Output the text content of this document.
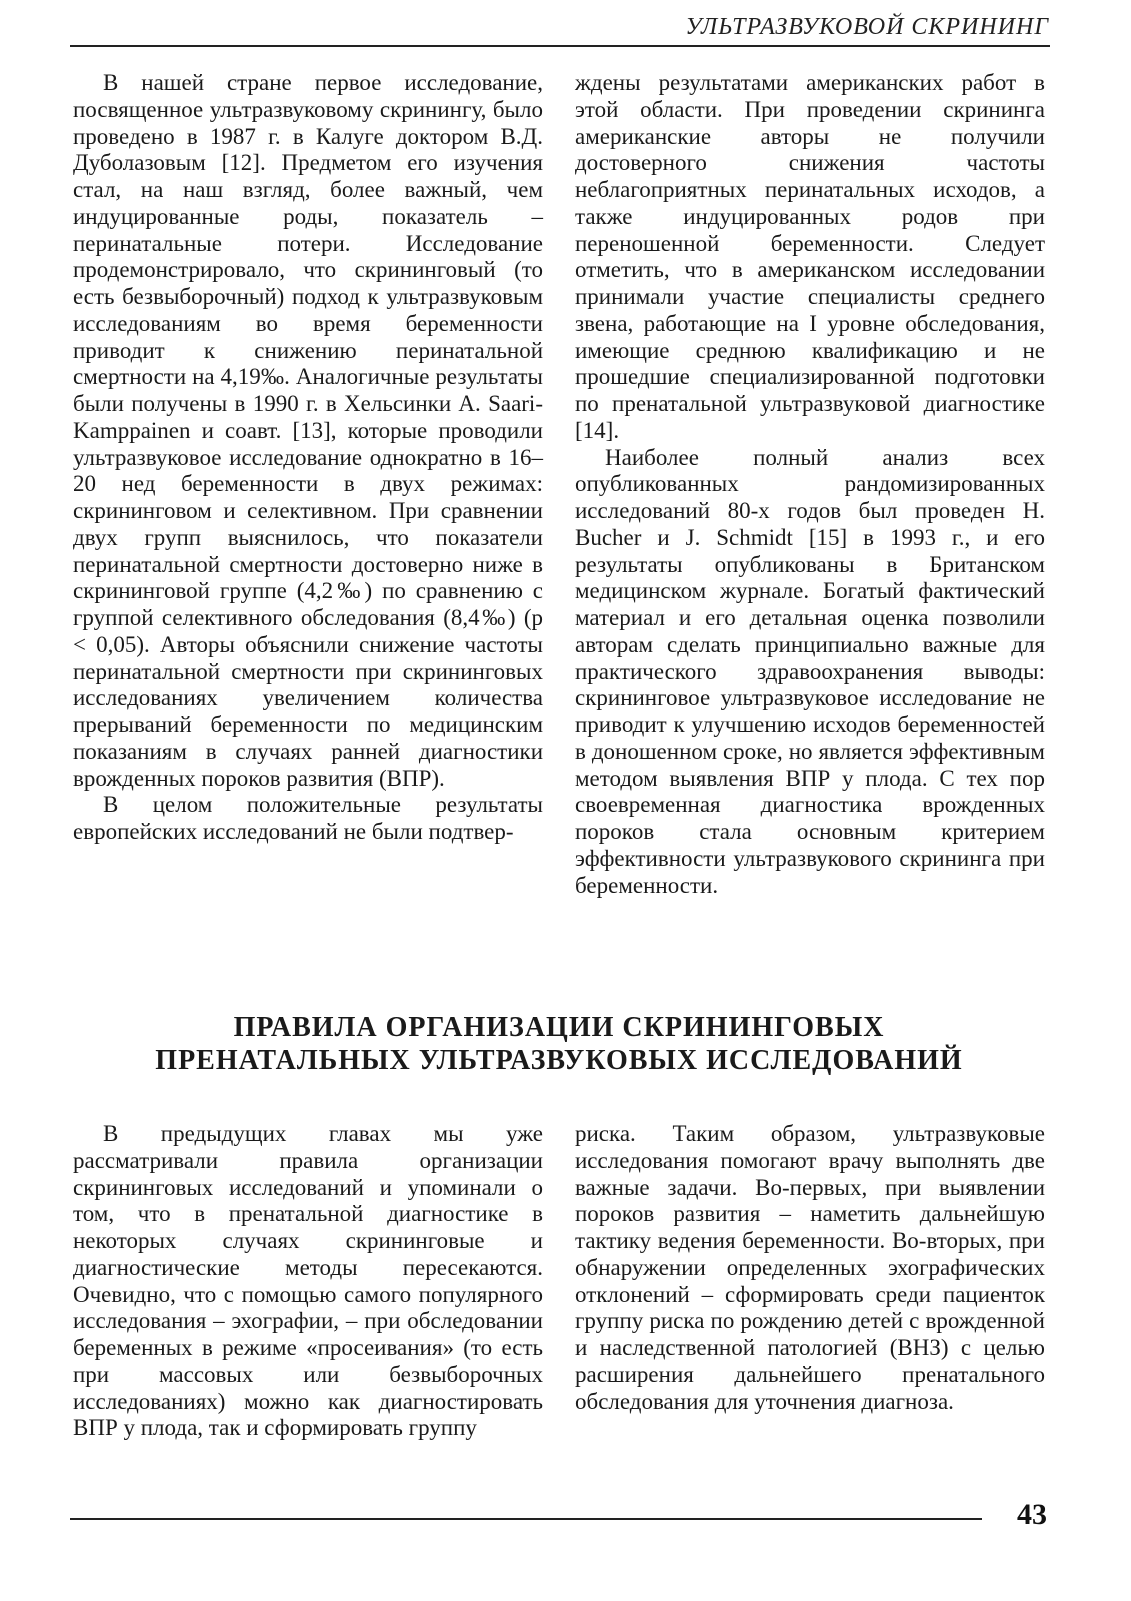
УЛЬТРАЗВУКОВОЙ СКРИНИНГ

В нашей стране первое исследование, посвященное ультразвуковому скринингу, было проведено в 1987 г. в Калуге доктором В.Д. Дуболазовым [12]. Предметом его изучения стал, на наш взгляд, более важный, чем индуцированные роды, показатель – перинатальные потери. Исследование продемонстрировало, что скрининговый (то есть безвыборочный) подход к ультразвуковым исследованиям во время беременности приводит к снижению перинатальной смертности на 4,19‰. Аналогичные результаты были получены в 1990 г. в Хельсинки A. Saari-Kamppainen и соавт. [13], которые проводили ультразвуковое исследование однократно в 16–20 нед беременности в двух режимах: скрининговом и селективном. При сравнении двух групп выяснилось, что показатели перинатальной смертности достоверно ниже в скрининговой группе (4,2‰) по сравнению с группой селективного обследования (8,4‰) (p < 0,05). Авторы объяснили снижение частоты перинатальной смертности при скрининговых исследованиях увеличением количества прерываний беременности по медицинским показаниям в случаях ранней диагностики врожденных пороков развития (ВПР).

В целом положительные результаты европейских исследований не были подтвер-

ждены результатами американских работ в этой области. При проведении скрининга американские авторы не получили достоверного снижения частоты неблагоприятных перинатальных исходов, а также индуцированных родов при переношенной беременности. Следует отметить, что в американском исследовании принимали участие специалисты среднего звена, работающие на I уровне обследования, имеющие среднюю квалификацию и не прошедшие специализированной подготовки по пренатальной ультразвуковой диагностике [14].

Наиболее полный анализ всех опубликованных рандомизированных исследований 80-х годов был проведен H. Bucher и J. Schmidt [15] в 1993 г., и его результаты опубликованы в Британском медицинском журнале. Богатый фактический материал и его детальная оценка позволили авторам сделать принципиально важные для практического здравоохранения выводы: скрининговое ультразвуковое исследование не приводит к улучшению исходов беременностей в доношенном сроке, но является эффективным методом выявления ВПР у плода. С тех пор своевременная диагностика врожденных пороков стала основным критерием эффективности ультразвукового скрининга при беременности.

ПРАВИЛА ОРГАНИЗАЦИИ СКРИНИНГОВЫХ
ПРЕНАТАЛЬНЫХ УЛЬТРАЗВУКОВЫХ ИССЛЕДОВАНИЙ

В предыдущих главах мы уже рассматривали правила организации скрининговых исследований и упоминали о том, что в пренатальной диагностике в некоторых случаях скрининговые и диагностические методы пересекаются. Очевидно, что с помощью самого популярного исследования – эхографии, – при обследовании беременных в режиме «просеивания» (то есть при массовых или безвыборочных исследованиях) можно как диагностировать ВПР у плода, так и сформировать группу

риска. Таким образом, ультразвуковые исследования помогают врачу выполнять две важные задачи. Во-первых, при выявлении пороков развития – наметить дальнейшую тактику ведения беременности. Во-вторых, при обнаружении определенных эхографических отклонений – сформировать среди пациенток группу риска по рождению детей с врожденной и наследственной патологией (ВНЗ) с целью расширения дальнейшего пренатального обследования для уточнения диагноза.

43
